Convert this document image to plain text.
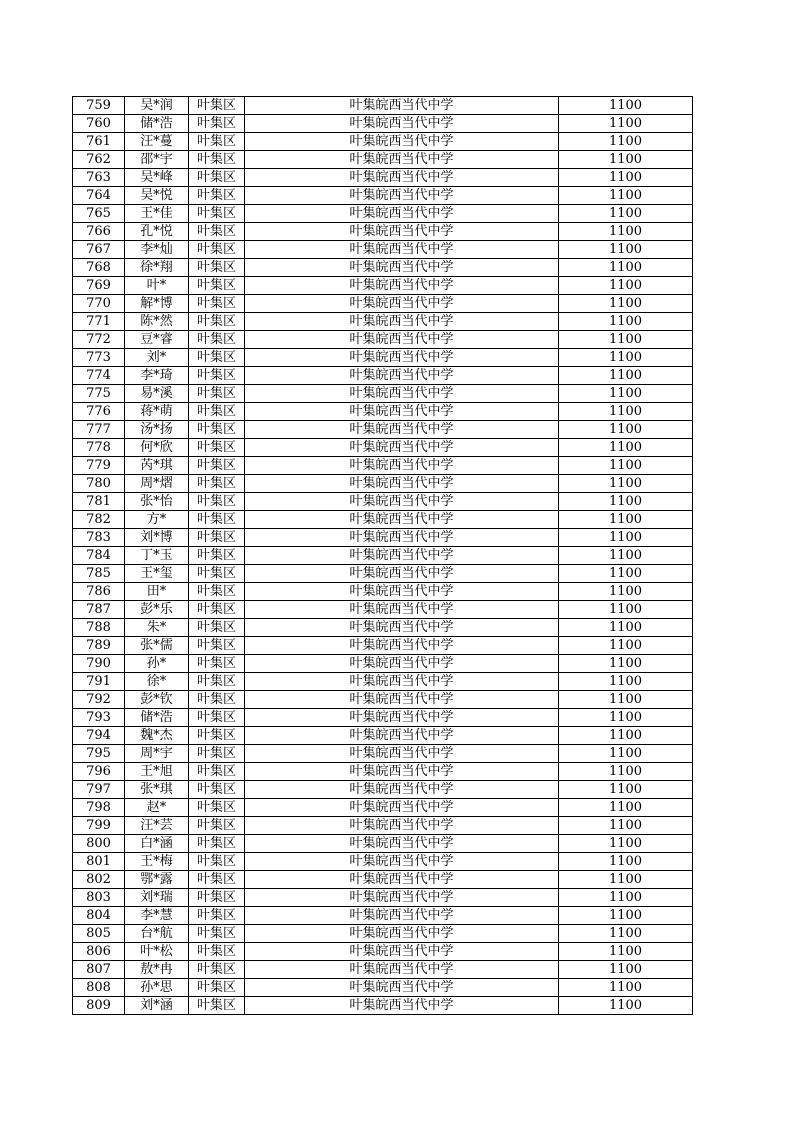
759	吴*润	叶集区	叶集皖西当代中学	1100
760	储*浩	叶集区	叶集皖西当代中学	1100
761	汪*蔓	叶集区	叶集皖西当代中学	1100
762	邵*宇	叶集区	叶集皖西当代中学	1100
763	吴*峰	叶集区	叶集皖西当代中学	1100
764	吴*悦	叶集区	叶集皖西当代中学	1100
765	王*佳	叶集区	叶集皖西当代中学	1100
766	孔*悦	叶集区	叶集皖西当代中学	1100
767	李*灿	叶集区	叶集皖西当代中学	1100
768	徐*翔	叶集区	叶集皖西当代中学	1100
769	叶*	叶集区	叶集皖西当代中学	1100
770	解*博	叶集区	叶集皖西当代中学	1100
771	陈*然	叶集区	叶集皖西当代中学	1100
772	豆*睿	叶集区	叶集皖西当代中学	1100
773	刘*	叶集区	叶集皖西当代中学	1100
774	李*琦	叶集区	叶集皖西当代中学	1100
775	易*溪	叶集区	叶集皖西当代中学	1100
776	蒋*萌	叶集区	叶集皖西当代中学	1100
777	汤*扬	叶集区	叶集皖西当代中学	1100
778	何*欣	叶集区	叶集皖西当代中学	1100
779	芮*琪	叶集区	叶集皖西当代中学	1100
780	周*熠	叶集区	叶集皖西当代中学	1100
781	张*怡	叶集区	叶集皖西当代中学	1100
782	方*	叶集区	叶集皖西当代中学	1100
783	刘*博	叶集区	叶集皖西当代中学	1100
784	丁*玉	叶集区	叶集皖西当代中学	1100
785	王*玺	叶集区	叶集皖西当代中学	1100
786	田*	叶集区	叶集皖西当代中学	1100
787	彭*乐	叶集区	叶集皖西当代中学	1100
788	朱*	叶集区	叶集皖西当代中学	1100
789	张*儒	叶集区	叶集皖西当代中学	1100
790	孙*	叶集区	叶集皖西当代中学	1100
791	徐*	叶集区	叶集皖西当代中学	1100
792	彭*钦	叶集区	叶集皖西当代中学	1100
793	储*浩	叶集区	叶集皖西当代中学	1100
794	魏*杰	叶集区	叶集皖西当代中学	1100
795	周*宇	叶集区	叶集皖西当代中学	1100
796	王*旭	叶集区	叶集皖西当代中学	1100
797	张*琪	叶集区	叶集皖西当代中学	1100
798	赵*	叶集区	叶集皖西当代中学	1100
799	汪*芸	叶集区	叶集皖西当代中学	1100
800	白*涵	叶集区	叶集皖西当代中学	1100
801	王*梅	叶集区	叶集皖西当代中学	1100
802	鄂*露	叶集区	叶集皖西当代中学	1100
803	刘*瑞	叶集区	叶集皖西当代中学	1100
804	李*慧	叶集区	叶集皖西当代中学	1100
805	台*航	叶集区	叶集皖西当代中学	1100
806	叶*松	叶集区	叶集皖西当代中学	1100
807	敖*冉	叶集区	叶集皖西当代中学	1100
808	孙*思	叶集区	叶集皖西当代中学	1100
809	刘*涵	叶集区	叶集皖西当代中学	1100
